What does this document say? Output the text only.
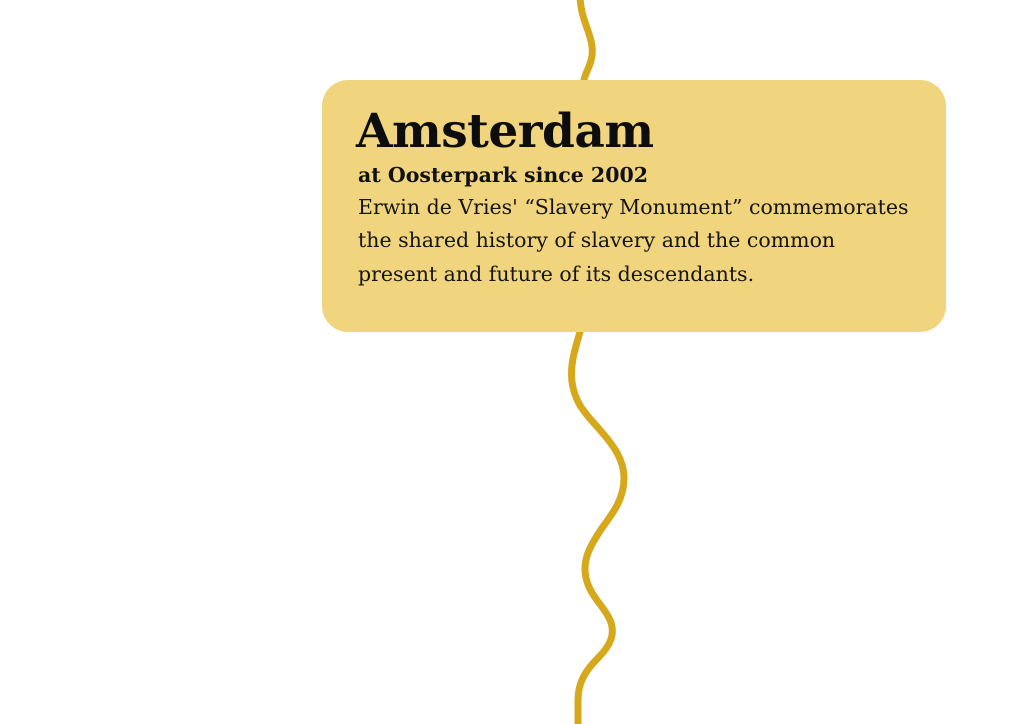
Amsterdam
at Oosterpark since 2002
Erwin de Vries' “Slavery Monument” commemorates the shared history of slavery and the common present and future of its descendants.
